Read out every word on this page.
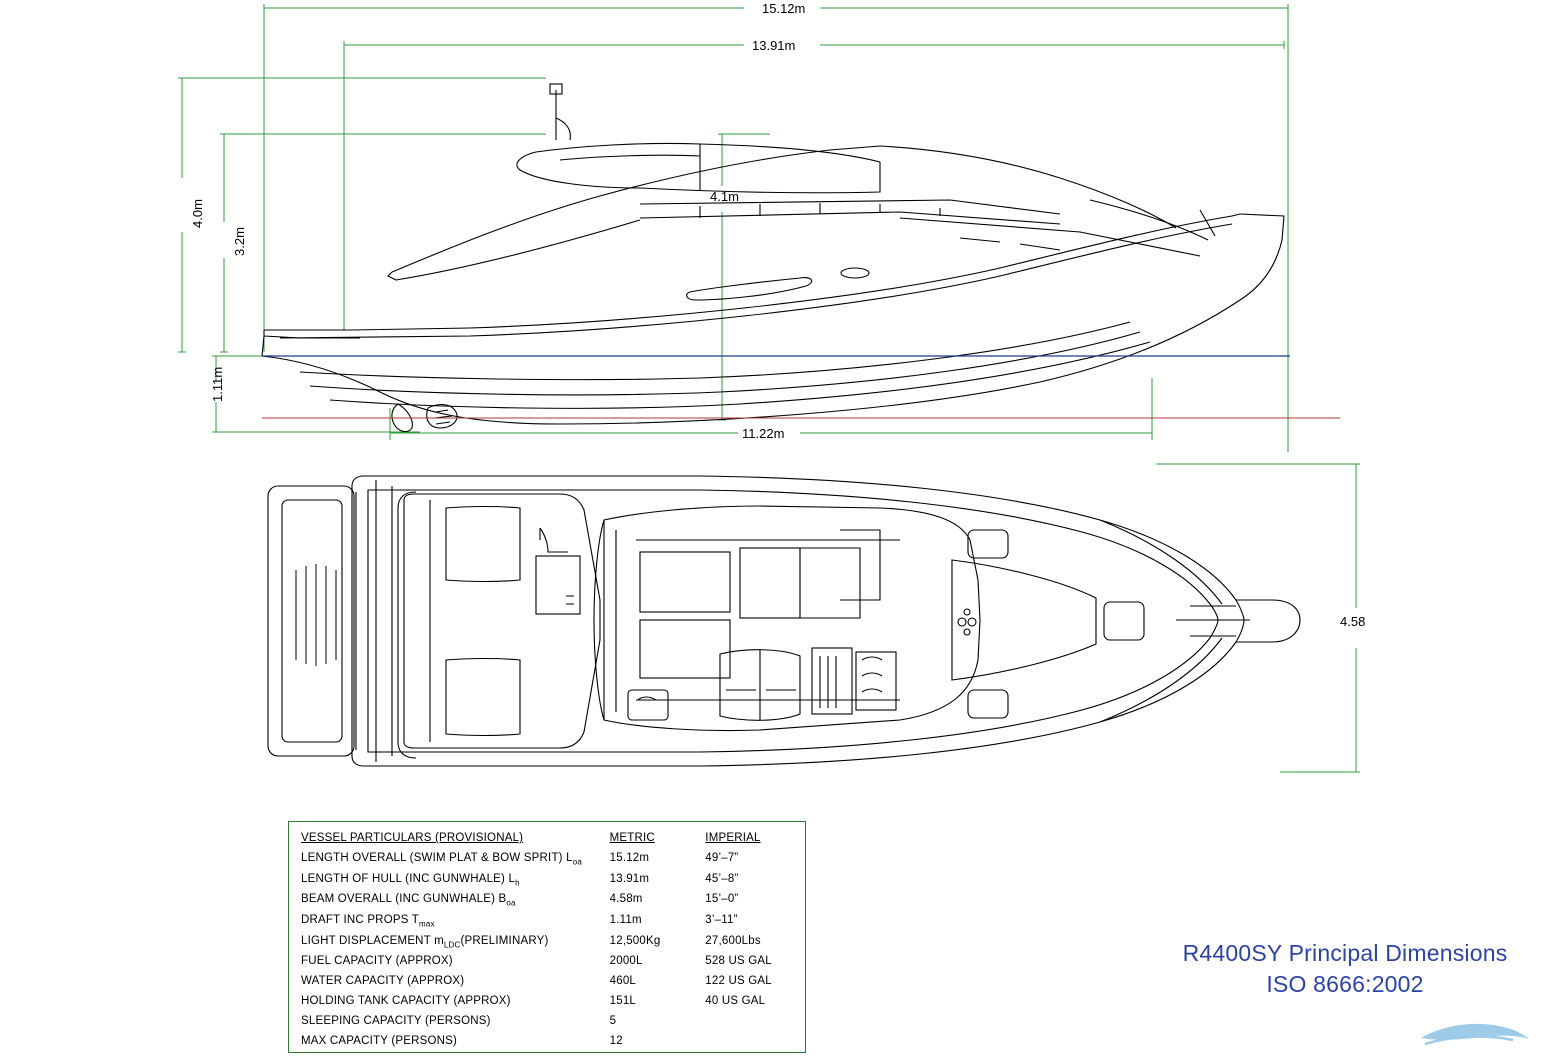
15.12m
13.91m
4.0m
3.2m
4.1m
1.11m
11.22m
4.58
VESSEL PARTICULARS (PROVISIONAL)	METRIC	IMPERIAL
LENGTH OVERALL (SWIM PLAT & BOW SPRIT) $L_{oa}$	15.12m	49’–7”
LENGTH OF HULL (INC GUNWHALE) $L_h$	13.91m	45’–8”
BEAM OVERALL (INC GUNWHALE) $B_{oa}$	4.58m	15’–0”
DRAFT INC PROPS $T_{max}$	1.11m	3’–11”
LIGHT DISPLACEMENT $m_{LDC}(PRELIMINARY)$	12,500Kg	27,600Lbs
FUEL CAPACITY (APPROX)	2000L	528 US GAL
WATER CAPACITY (APPROX)	460L	122 US GAL
HOLDING TANK CAPACITY (APPROX)	151L	40 US GAL
SLEEPING CAPACITY (PERSONS)	5	
MAX CAPACITY (PERSONS)	12	
R4400SY Principal Dimensions
ISO 8666:2002
